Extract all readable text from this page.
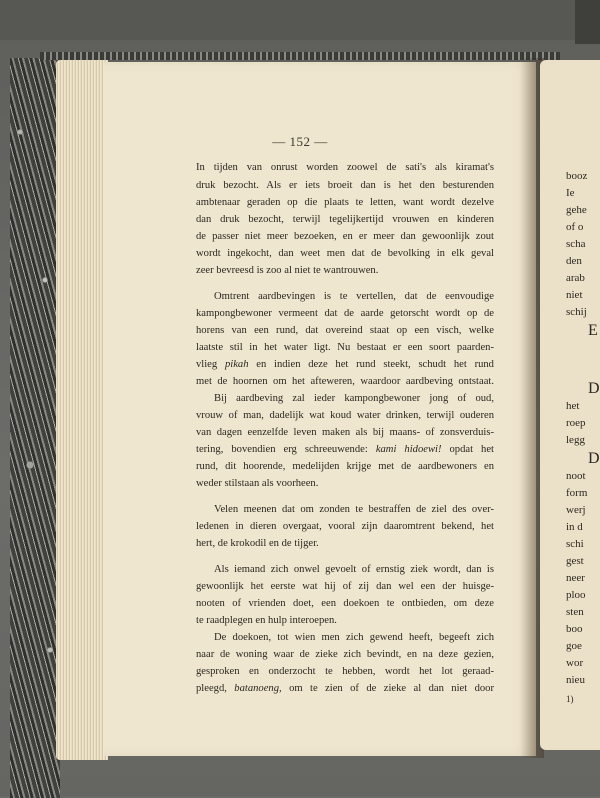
— 152 —
In tijden van onrust worden zoowel de sati's als kiramat's
druk bezocht. Als er iets broeit dan is het den besturenden
ambtenaar geraden op die plaats te letten, want wordt dezelve
dan druk bezocht, terwijl tegelijkertijd vrouwen en kinderen
de passer niet meer bezoeken, en er meer dan gewoonlijk zout
wordt ingekocht, dan weet men dat de bevolking in elk geval
zeer bevreesd is zoo al niet te wantrouwen.
Omtrent aardbevingen is te vertellen, dat de eenvoudige
kampongbewoner vermeent dat de aarde getorscht wordt op de
horens van een rund, dat overeind staat op een visch, welke
laatste stil in het water ligt. Nu bestaat er een soort paarden-
vlieg pikah en indien deze het rund steekt, schudt het rund
met de hoornen om het afteweren, waardoor aardbeving ontstaat.
Bij aardbeving zal ieder kampongbewoner jong of oud,
vrouw of man, dadelijk wat koud water drinken, terwijl ouderen
van dagen eenzelfde leven maken als bij maans- of zonsverduis-
tering, bovendien erg schreeuwende: kami hidoewi! opdat het
rund, dit hoorende, medelijden krijge met de aardbewoners en
weder stilstaan als voorheen.
Velen meenen dat om zonden te bestraffen de ziel des over-
ledenen in dieren overgaat, vooral zijn daaromtrent bekend, het
hert, de krokodil en de tijger.
Als iemand zich onwel gevoelt of ernstig ziek wordt, dan is
gewoonlijk het eerste wat hij of zij dan wel een der huisge-
nooten of vrienden doet, een doekoen te ontbieden, om deze
te raadplegen en hulp interoepen.
De doekoen, tot wien men zich gewend heeft, begeeft zich
naar de woning waar de zieke zich bevindt, en na deze gezien,
gesproken en onderzocht te hebben, wordt het lot geraad-
pleegd, batanoeng, om te zien of de zieke al dan niet door
booz
Ie
gehe
of o
scha
den
arab
niet
schij
E
D
het
roep
legg
D
noot
form
werj
in d
schi
gest
neer
ploo
sten
boo
goe
wor
nieu
1)
